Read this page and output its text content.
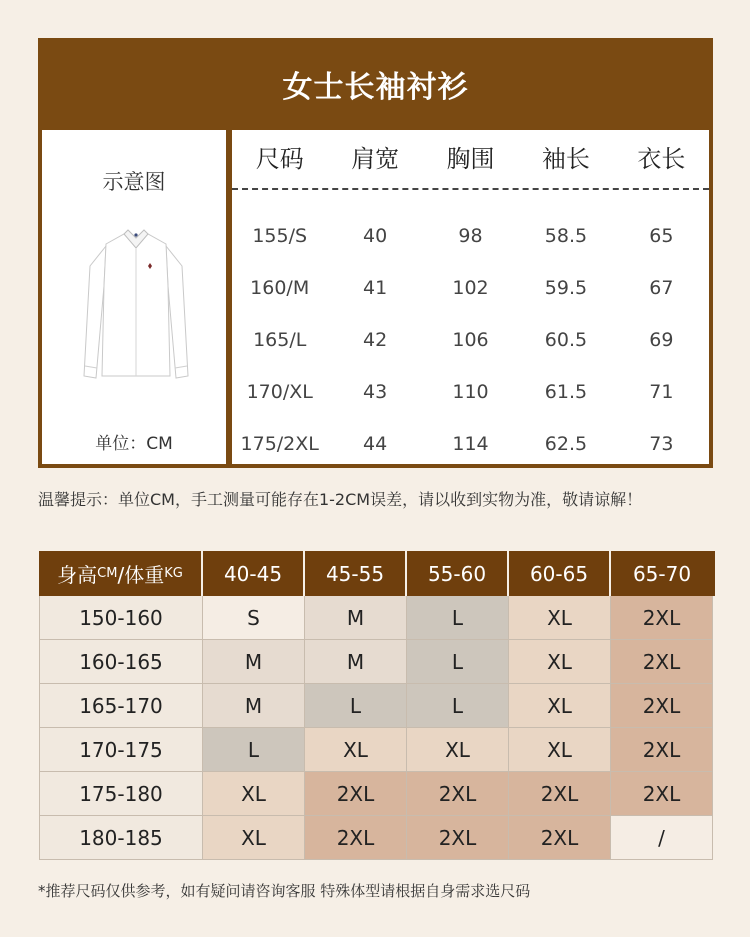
女士长袖衬衫
示意图
单位：CM
尺码	肩宽	胸围	袖长	衣长
155/S	40	98	58.5	65
160/M	41	102	59.5	67
165/L	42	106	60.5	69
170/XL	43	110	61.5	71
175/2XL	44	114	62.5	73
温馨提示：单位CM，手工测量可能存在1-2CM误差，请以收到实物为准，敬请谅解！
身高 CM /体重 KG	40-45	45-55	55-60	60-65	65-70
150-160	S	M	L	XL	2XL
160-165	M	M	L	XL	2XL
165-170	M	L	L	XL	2XL
170-175	L	XL	XL	XL	2XL
175-180	XL	2XL	2XL	2XL	2XL
180-185	XL	2XL	2XL	2XL	/
*推荐尺码仅供参考，如有疑问请咨询客服 特殊体型请根据自身需求选尺码
